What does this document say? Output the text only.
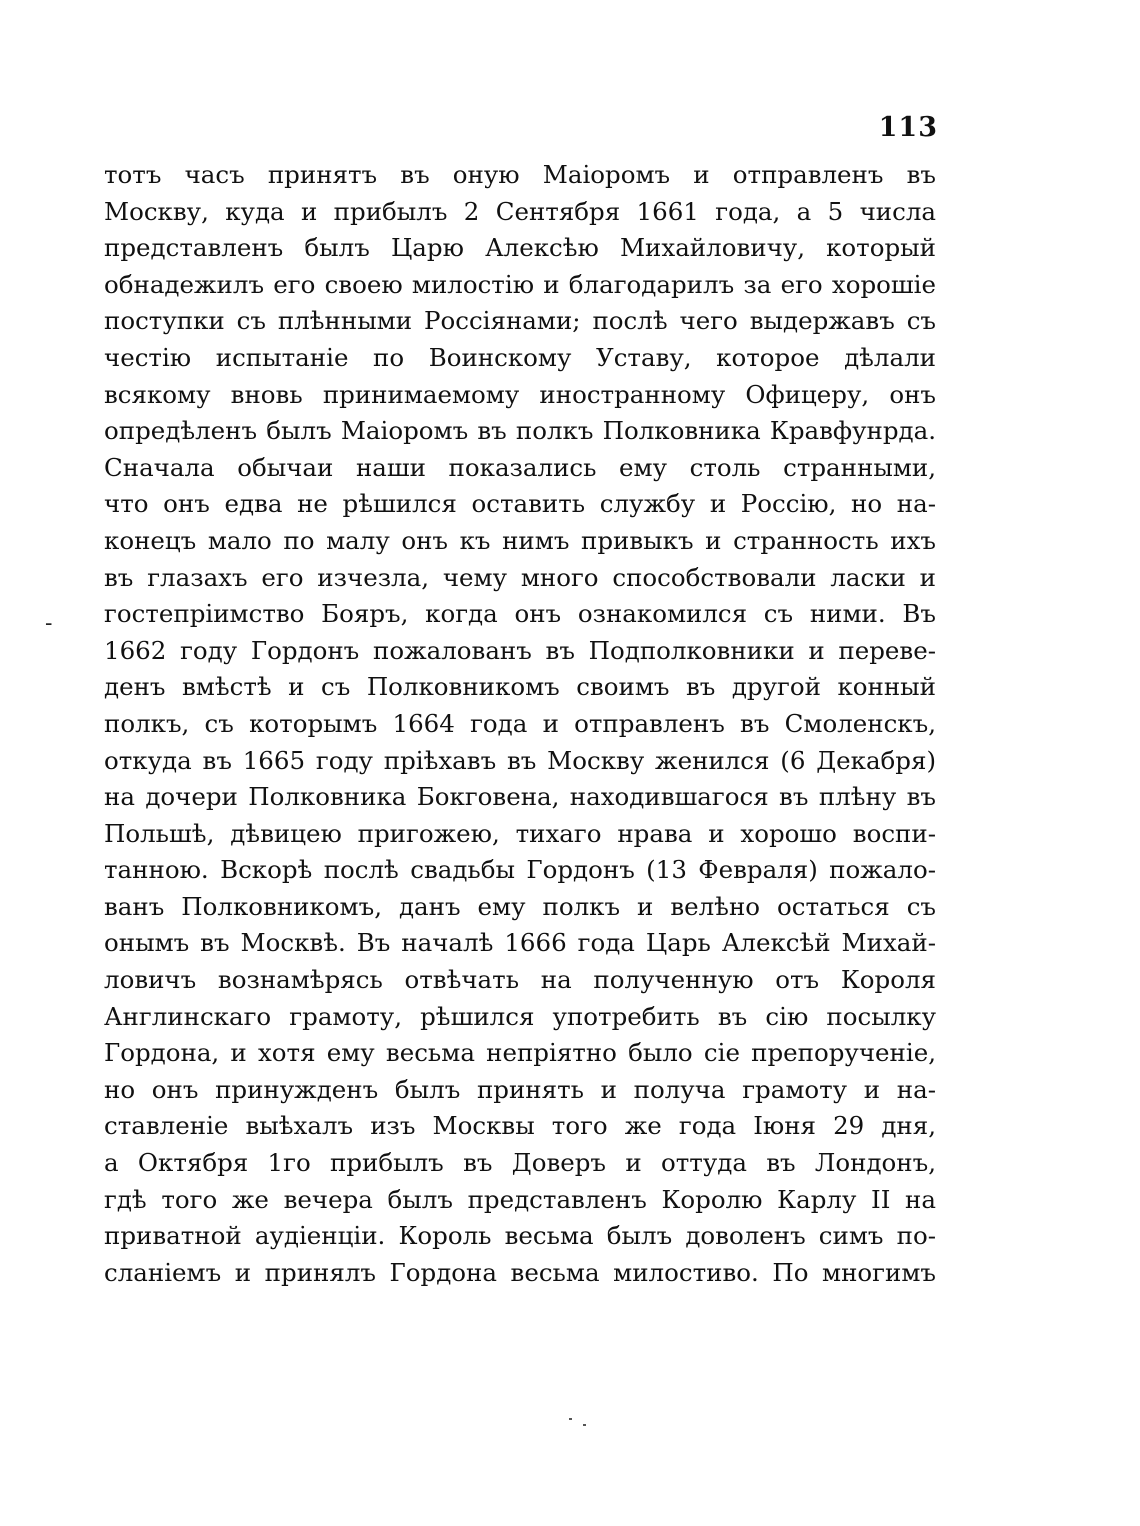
113
-
тотъ часъ принятъ въ оную Маіоромъ и отправленъ въ
Москву, куда и прибылъ 2 Сентября 1661 года, а 5 числа
представленъ былъ Царю Алексѣю Михайловичу, который
обнадежилъ его своею милостію и благодарилъ за его хорошіе
поступки съ плѣнными Россіянами; послѣ чего выдержавъ съ
честію испытаніе по Воинскому Уставу, которое дѣлали
всякому вновь принимаемому иностранному Офицеру, онъ
опредѣленъ былъ Маіоромъ въ полкъ Полковника Кравфунрда.
Сначала обычаи наши показались ему столь странными,
что онъ едва не рѣшился оставить службу и Россію, но на-
конецъ мало по малу онъ къ нимъ привыкъ и странность ихъ
въ глазахъ его изчезла, чему много способствовали ласки и
гостепріимство Бояръ, когда онъ ознакомился съ ними. Въ
1662 году Гордонъ пожалованъ въ Подполковники и переве-
денъ вмѣстѣ и съ Полковникомъ своимъ въ другой конный
полкъ, съ которымъ 1664 года и отправленъ въ Смоленскъ,
откуда въ 1665 году пріѣхавъ въ Москву женился (6 Декабря)
на дочери Полковника Бокговена, находившагося въ плѣну въ
Польшѣ, дѣвицею пригожею, тихаго нрава и хорошо воспи-
танною. Вскорѣ послѣ свадьбы Гордонъ (13 Февраля) пожало-
ванъ Полковникомъ, данъ ему полкъ и велѣно остаться съ
онымъ въ Москвѣ. Въ началѣ 1666 года Царь Алексѣй Михай-
ловичъ вознамѣрясь отвѣчать на полученную отъ Короля
Англинскаго грамоту, рѣшился употребить въ сію посылку
Гордона, и хотя ему весьма непріятно было сіе препорученіе,
но онъ принужденъ былъ принять и получа грамоту и на-
ставленіе выѣхалъ изъ Москвы того же года Іюня 29 дня,
а Октября 1го прибылъ въ Доверъ и оттуда въ Лондонъ,
гдѣ того же вечера былъ представленъ Королю Карлу II на
приватной аудіенціи. Король весьма былъ доволенъ симъ по-
сланіемъ и принялъ Гордона весьма милостиво. По многимъ
